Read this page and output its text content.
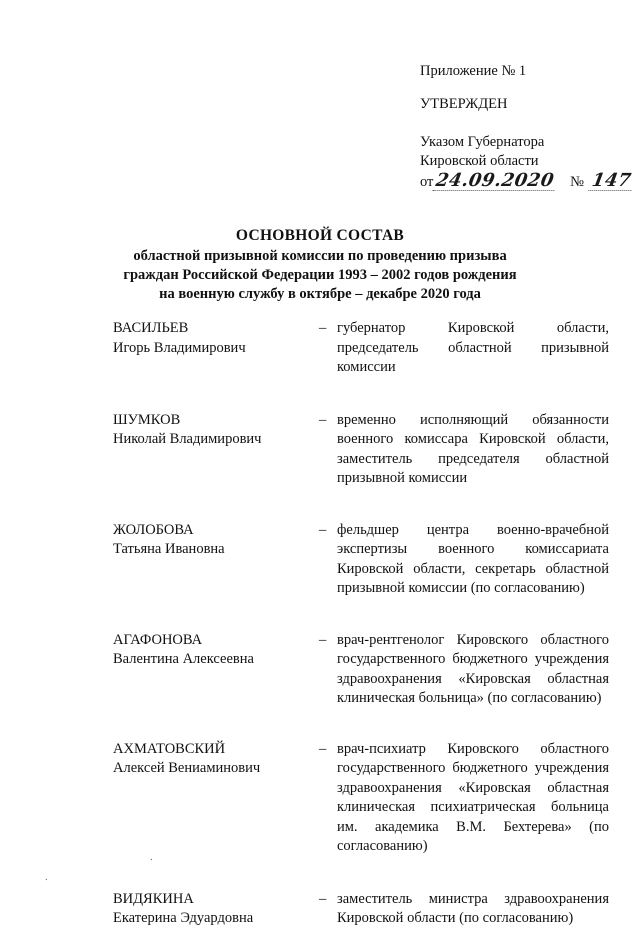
Приложение № 1
УТВЕРЖДЕН
Указом Губернатора
Кировской области
от 24.09.2020 № 147
ОСНОВНОЙ СОСТАВ
областной призывной комиссии по проведению призыва
граждан Российской Федерации 1993 – 2002 годов рождения
на военную службу в октябре – декабре 2020 года
ВАСИЛЬЕВ
Игорь Владимирович
– губернатор Кировской области, председатель областной призывной комиссии
ШУМКОВ
Николай Владимирович
– временно исполняющий обязанности военного комиссара Кировской области, заместитель председателя областной призывной комиссии
ЖОЛОБОВА
Татьяна Ивановна
– фельдшер центра военно-врачебной экспертизы военного комиссариата Кировской области, секретарь областной призывной комиссии (по согласованию)
АГАФОНОВА
Валентина Алексеевна
– врач-рентгенолог Кировского областного государственного бюджетного учреждения здравоохранения «Кировская областная клиническая больница» (по согласованию)
АХМАТОВСКИЙ
Алексей Вениаминович
– врач-психиатр Кировского областного государственного бюджетного учреждения здравоохранения «Кировская областная клиническая психиатрическая больница им. академика В.М. Бехтерева» (по согласованию)
ВИДЯКИНА
Екатерина Эдуардовна
– заместитель министра здравоохранения Кировской области (по согласованию)
⸱
⸱
